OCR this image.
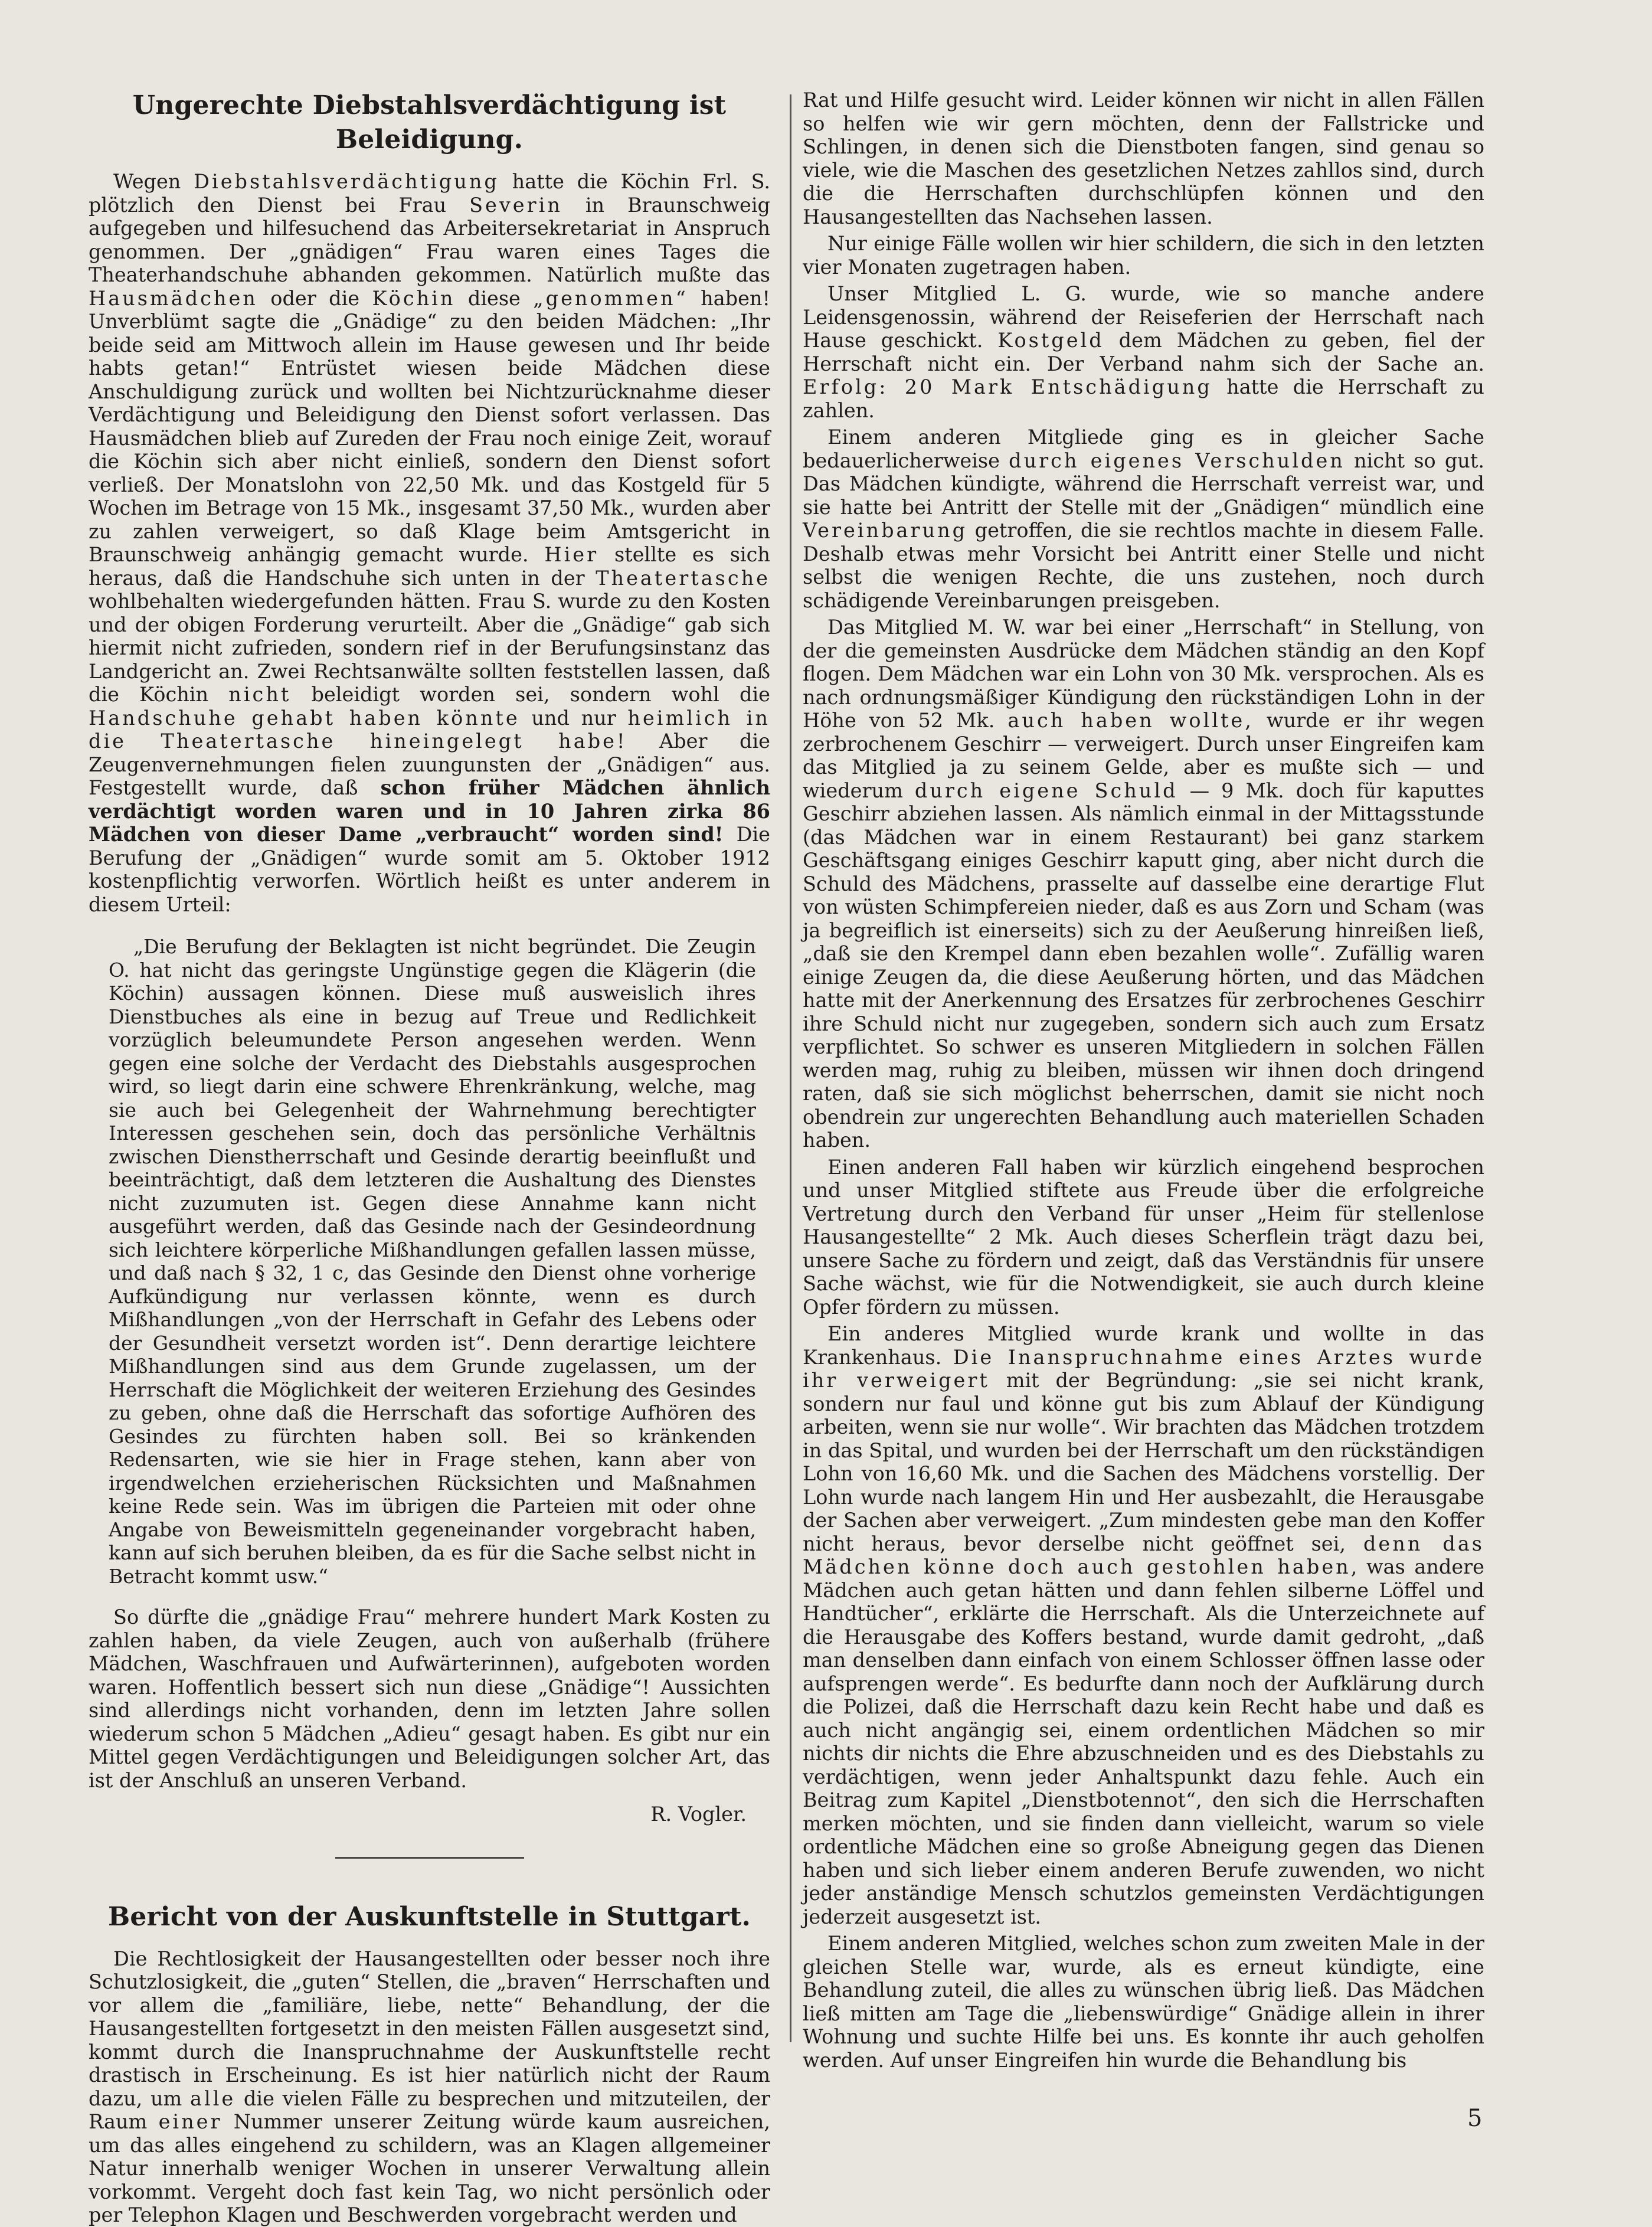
Ungerechte Diebstahlsverdächtigung ist Beleidigung.

Wegen Diebstahlsverdächtigung hatte die Köchin Frl. S. plötzlich den Dienst bei Frau Severin in Braunschweig aufgegeben und hilfesuchend das Arbeitersekretariat in Anspruch genommen. Der „gnädigen“ Frau waren eines Tages die Theaterhandschuhe abhanden gekommen. Natürlich mußte das Hausmädchen oder die Köchin diese „genommen“ haben! Unverblümt sagte die „Gnädige“ zu den beiden Mädchen: „Ihr beide seid am Mittwoch allein im Hause gewesen und Ihr beide habts getan!“ Entrüstet wiesen beide Mädchen diese Anschuldigung zurück und wollten bei Nichtzurücknahme dieser Verdächtigung und Beleidigung den Dienst sofort verlassen. Das Hausmädchen blieb auf Zureden der Frau noch einige Zeit, worauf die Köchin sich aber nicht einließ, sondern den Dienst sofort verließ. Der Monatslohn von 22,50 Mk. und das Kostgeld für 5 Wochen im Betrage von 15 Mk., insgesamt 37,50 Mk., wurden aber zu zahlen verweigert, so daß Klage beim Amtsgericht in Braunschweig anhängig gemacht wurde. Hier stellte es sich heraus, daß die Handschuhe sich unten in der Theatertasche wohlbehalten wiedergefunden hätten. Frau S. wurde zu den Kosten und der obigen Forderung verurteilt. Aber die „Gnädige“ gab sich hiermit nicht zufrieden, sondern rief in der Berufungsinstanz das Landgericht an. Zwei Rechtsanwälte sollten feststellen lassen, daß die Köchin nicht beleidigt worden sei, sondern wohl die Handschuhe gehabt haben könnte und nur heimlich in die Theatertasche hineingelegt habe! Aber die Zeugenvernehmungen fielen zuungunsten der „Gnädigen“ aus. Festgestellt wurde, daß schon früher Mädchen ähnlich verdächtigt worden waren und in 10 Jahren zirka 86 Mädchen von dieser Dame „verbraucht“ worden sind! Die Berufung der „Gnädigen“ wurde somit am 5. Oktober 1912 kostenpflichtig verworfen. Wörtlich heißt es unter anderem in diesem Urteil:

„Die Berufung der Beklagten ist nicht begründet. Die Zeugin O. hat nicht das geringste Ungünstige gegen die Klägerin (die Köchin) aussagen können. Diese muß ausweislich ihres Dienstbuches als eine in bezug auf Treue und Redlichkeit vorzüglich beleumundete Person angesehen werden. Wenn gegen eine solche der Verdacht des Diebstahls ausgesprochen wird, so liegt darin eine schwere Ehrenkränkung, welche, mag sie auch bei Gelegenheit der Wahrnehmung berechtigter Interessen geschehen sein, doch das persönliche Verhältnis zwischen Dienstherrschaft und Gesinde derartig beeinflußt und beeinträchtigt, daß dem letzteren die Aushaltung des Dienstes nicht zuzumuten ist. Gegen diese Annahme kann nicht ausgeführt werden, daß das Gesinde nach der Gesindeordnung sich leichtere körperliche Mißhandlungen gefallen lassen müsse, und daß nach § 32, 1 c, das Gesinde den Dienst ohne vorherige Aufkündigung nur verlassen könnte, wenn es durch Mißhandlungen „von der Herrschaft in Gefahr des Lebens oder der Gesundheit versetzt worden ist“. Denn derartige leichtere Mißhandlungen sind aus dem Grunde zugelassen, um der Herrschaft die Möglichkeit der weiteren Erziehung des Gesindes zu geben, ohne daß die Herrschaft das sofortige Aufhören des Gesindes zu fürchten haben soll. Bei so kränkenden Redensarten, wie sie hier in Frage stehen, kann aber von irgendwelchen erzieherischen Rücksichten und Maßnahmen keine Rede sein. Was im übrigen die Parteien mit oder ohne Angabe von Beweismitteln gegeneinander vorgebracht haben, kann auf sich beruhen bleiben, da es für die Sache selbst nicht in Betracht kommt usw.“

So dürfte die „gnädige Frau“ mehrere hundert Mark Kosten zu zahlen haben, da viele Zeugen, auch von außerhalb (frühere Mädchen, Waschfrauen und Aufwärterinnen), aufgeboten worden waren. Hoffentlich bessert sich nun diese „Gnädige“! Aussichten sind allerdings nicht vorhanden, denn im letzten Jahre sollen wiederum schon 5 Mädchen „Adieu“ gesagt haben. Es gibt nur ein Mittel gegen Verdächtigungen und Beleidigungen solcher Art, das ist der Anschluß an unseren Verband.

R. Vogler.

Bericht von der Auskunftstelle in Stuttgart.

Die Rechtlosigkeit der Hausangestellten oder besser noch ihre Schutzlosigkeit, die „guten“ Stellen, die „braven“ Herrschaften und vor allem die „familiäre, liebe, nette“ Behandlung, der die Hausangestellten fortgesetzt in den meisten Fällen ausgesetzt sind, kommt durch die Inanspruchnahme der Auskunftstelle recht drastisch in Erscheinung. Es ist hier natürlich nicht der Raum dazu, um alle die vielen Fälle zu besprechen und mitzuteilen, der Raum einer Nummer unserer Zeitung würde kaum ausreichen, um das alles eingehend zu schildern, was an Klagen allgemeiner Natur innerhalb weniger Wochen in unserer Verwaltung allein vorkommt. Vergeht doch fast kein Tag, wo nicht persönlich oder per Telephon Klagen und Beschwerden vorgebracht werden und

Rat und Hilfe gesucht wird. Leider können wir nicht in allen Fällen so helfen wie wir gern möchten, denn der Fallstricke und Schlingen, in denen sich die Dienstboten fangen, sind genau so viele, wie die Maschen des gesetzlichen Netzes zahllos sind, durch die die Herrschaften durchschlüpfen können und den Hausangestellten das Nachsehen lassen.

Nur einige Fälle wollen wir hier schildern, die sich in den letzten vier Monaten zugetragen haben.

Unser Mitglied L. G. wurde, wie so manche andere Leidensgenossin, während der Reiseferien der Herrschaft nach Hause geschickt. Kostgeld dem Mädchen zu geben, fiel der Herrschaft nicht ein. Der Verband nahm sich der Sache an. Erfolg: 20 Mark Entschädigung hatte die Herrschaft zu zahlen.

Einem anderen Mitgliede ging es in gleicher Sache bedauerlicherweise durch eigenes Verschulden nicht so gut. Das Mädchen kündigte, während die Herrschaft verreist war, und sie hatte bei Antritt der Stelle mit der „Gnädigen“ mündlich eine Vereinbarung getroffen, die sie rechtlos machte in diesem Falle. Deshalb etwas mehr Vorsicht bei Antritt einer Stelle und nicht selbst die wenigen Rechte, die uns zustehen, noch durch schädigende Vereinbarungen preisgeben.

Das Mitglied M. W. war bei einer „Herrschaft“ in Stellung, von der die gemeinsten Ausdrücke dem Mädchen ständig an den Kopf flogen. Dem Mädchen war ein Lohn von 30 Mk. versprochen. Als es nach ordnungsmäßiger Kündigung den rückständigen Lohn in der Höhe von 52 Mk. auch haben wollte, wurde er ihr wegen zerbrochenem Geschirr — verweigert. Durch unser Eingreifen kam das Mitglied ja zu seinem Gelde, aber es mußte sich — und wiederum durch eigene Schuld — 9 Mk. doch für kaputtes Geschirr abziehen lassen. Als nämlich einmal in der Mittagsstunde (das Mädchen war in einem Restaurant) bei ganz starkem Geschäftsgang einiges Geschirr kaputt ging, aber nicht durch die Schuld des Mädchens, prasselte auf dasselbe eine derartige Flut von wüsten Schimpfereien nieder, daß es aus Zorn und Scham (was ja begreiflich ist einerseits) sich zu der Aeußerung hinreißen ließ, „daß sie den Krempel dann eben bezahlen wolle“. Zufällig waren einige Zeugen da, die diese Aeußerung hörten, und das Mädchen hatte mit der Anerkennung des Ersatzes für zerbrochenes Geschirr ihre Schuld nicht nur zugegeben, sondern sich auch zum Ersatz verpflichtet. So schwer es unseren Mitgliedern in solchen Fällen werden mag, ruhig zu bleiben, müssen wir ihnen doch dringend raten, daß sie sich möglichst beherrschen, damit sie nicht noch obendrein zur ungerechten Behandlung auch materiellen Schaden haben.

Einen anderen Fall haben wir kürzlich eingehend besprochen und unser Mitglied stiftete aus Freude über die erfolgreiche Vertretung durch den Verband für unser „Heim für stellenlose Hausangestellte“ 2 Mk. Auch dieses Scherflein trägt dazu bei, unsere Sache zu fördern und zeigt, daß das Verständnis für unsere Sache wächst, wie für die Notwendigkeit, sie auch durch kleine Opfer fördern zu müssen.

Ein anderes Mitglied wurde krank und wollte in das Krankenhaus. Die Inanspruchnahme eines Arztes wurde ihr verweigert mit der Begründung: „sie sei nicht krank, sondern nur faul und könne gut bis zum Ablauf der Kündigung arbeiten, wenn sie nur wolle“. Wir brachten das Mädchen trotzdem in das Spital, und wurden bei der Herrschaft um den rückständigen Lohn von 16,60 Mk. und die Sachen des Mädchens vorstellig. Der Lohn wurde nach langem Hin und Her ausbezahlt, die Herausgabe der Sachen aber verweigert. „Zum mindesten gebe man den Koffer nicht heraus, bevor derselbe nicht geöffnet sei, denn das Mädchen könne doch auch gestohlen haben, was andere Mädchen auch getan hätten und dann fehlen silberne Löffel und Handtücher“, erklärte die Herrschaft. Als die Unterzeichnete auf die Herausgabe des Koffers bestand, wurde damit gedroht, „daß man denselben dann einfach von einem Schlosser öffnen lasse oder aufsprengen werde“. Es bedurfte dann noch der Aufklärung durch die Polizei, daß die Herrschaft dazu kein Recht habe und daß es auch nicht angängig sei, einem ordentlichen Mädchen so mir nichts dir nichts die Ehre abzuschneiden und es des Diebstahls zu verdächtigen, wenn jeder Anhaltspunkt dazu fehle. Auch ein Beitrag zum Kapitel „Dienstbotennot“, den sich die Herrschaften merken möchten, und sie finden dann vielleicht, warum so viele ordentliche Mädchen eine so große Abneigung gegen das Dienen haben und sich lieber einem anderen Berufe zuwenden, wo nicht jeder anständige Mensch schutzlos gemeinsten Verdächtigungen jederzeit ausgesetzt ist.

Einem anderen Mitglied, welches schon zum zweiten Male in der gleichen Stelle war, wurde, als es erneut kündigte, eine Behandlung zuteil, die alles zu wünschen übrig ließ. Das Mädchen ließ mitten am Tage die „liebenswürdige“ Gnädige allein in ihrer Wohnung und suchte Hilfe bei uns. Es konnte ihr auch geholfen werden. Auf unser Eingreifen hin wurde die Behandlung bis

5
